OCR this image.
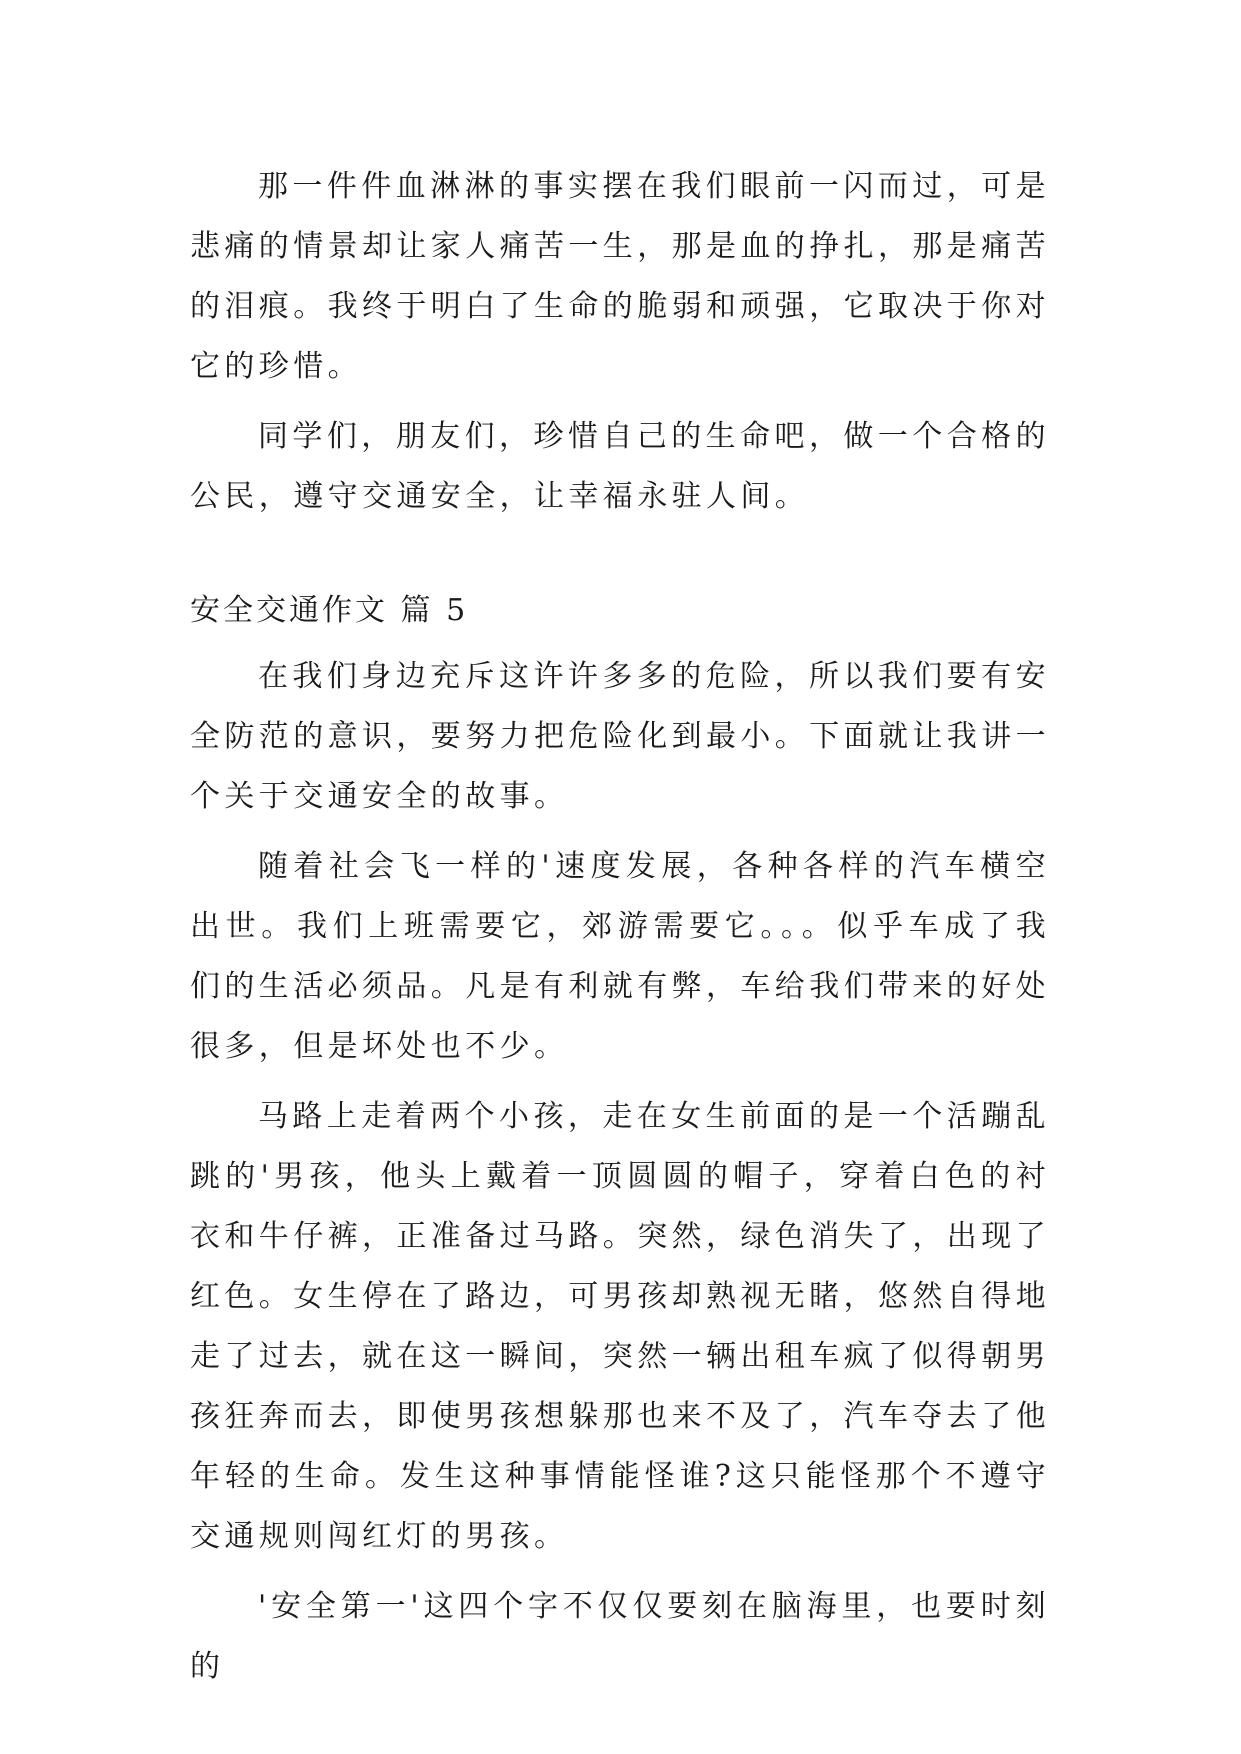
那一件件血淋淋的事实摆在我们眼前一闪而过，可是悲痛的情景却让家人痛苦一生，那是血的挣扎，那是痛苦的泪痕。我终于明白了生命的脆弱和顽强，它取决于你对它的珍惜。

同学们，朋友们，珍惜自己的生命吧，做一个合格的公民，遵守交通安全，让幸福永驻人间。

安全交通作文 篇 5

在我们身边充斥这许许多多的危险，所以我们要有安全防范的意识，要努力把危险化到最小。下面就让我讲一个关于交通安全的故事。

随着社会飞一样的'速度发展，各种各样的汽车横空出世。我们上班需要它，郊游需要它。。。似乎车成了我们的生活必须品。凡是有利就有弊，车给我们带来的好处很多，但是坏处也不少。

马路上走着两个小孩，走在女生前面的是一个活蹦乱跳的'男孩，他头上戴着一顶圆圆的帽子，穿着白色的衬衣和牛仔裤，正准备过马路。突然，绿色消失了，出现了红色。女生停在了路边，可男孩却熟视无睹，悠然自得地走了过去，就在这一瞬间，突然一辆出租车疯了似得朝男孩狂奔而去，即使男孩想躲那也来不及了，汽车夺去了他年轻的生命。发生这种事情能怪谁?这只能怪那个不遵守交通规则闯红灯的男孩。

'安全第一'这四个字不仅仅要刻在脑海里，也要时刻的
